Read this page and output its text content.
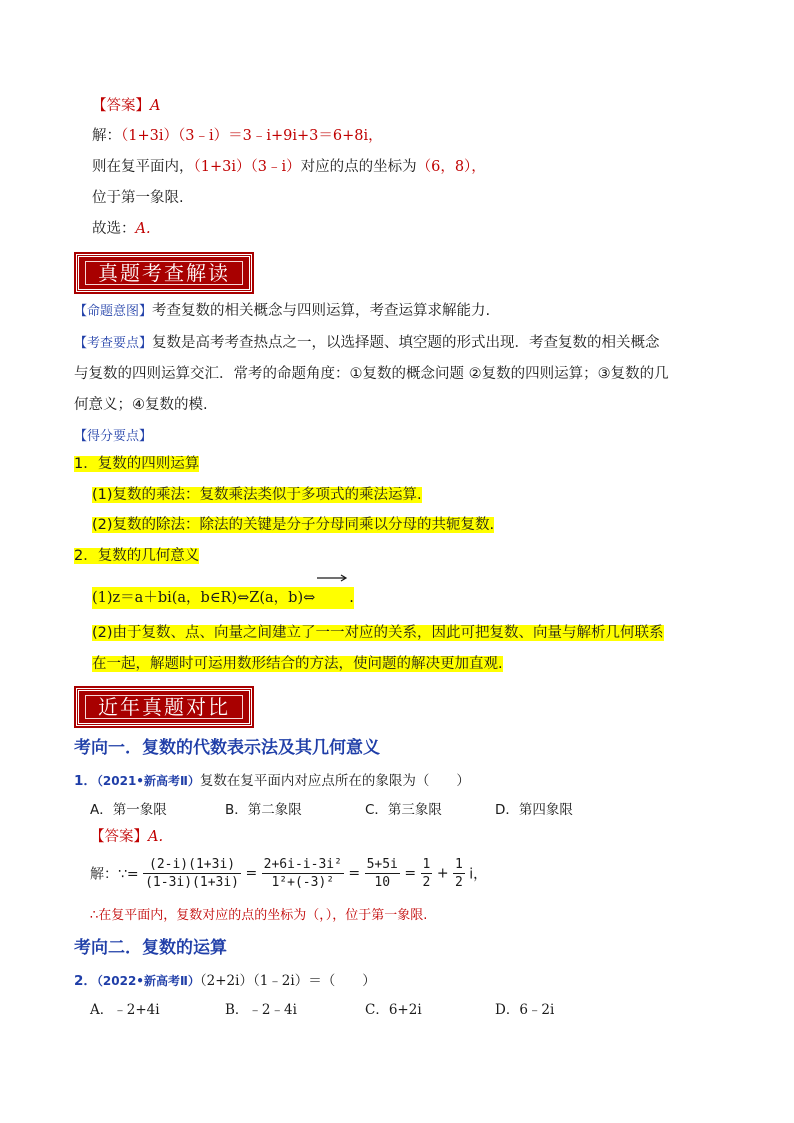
【答案】A
解：（1+3i）（3﹣i）＝3﹣i+9i+3＝6+8i，
则在复平面内，（1+3i）（3﹣i）对应的点的坐标为（6，8），
位于第一象限.
故选：A.
真题考查解读
【命题意图】考查复数的相关概念与四则运算，考查运算求解能力.
【考查要点】复数是高考考查热点之一，以选择题、填空题的形式出现．考查复数的相关概念
与复数的四则运算交汇．常考的命题角度：①复数的概念问题 ②复数的四则运算；③复数的几
何意义；④复数的模.
【得分要点】
1．复数的四则运算
(1)复数的乘法：复数乘法类似于多项式的乘法运算.
(2)复数的除法：除法的关键是分子分母同乘以分母的共轭复数.
2．复数的几何意义
(1)z＝a＋bi(a，b∈R)⇔Z(a，b)⇔ .
(2)由于复数、点、向量之间建立了一一对应的关系，因此可把复数、向量与解析几何联系
在一起，解题时可运用数形结合的方法，使问题的解决更加直观.
近年真题对比
考向一．复数的代数表示法及其几何意义
1．（2021•新高考Ⅱ）复数在复平面内对应点所在的象限为（　　）
A．第一象限	B．第二象限	C．第三象限	D．第四象限
【答案】A.
解：∵= $\frac{(2-i)(1+3i)}{(1-3i)(1+3i)} = \frac{\text{2+6i-i-3i²}}{\text{1²+(-3)²}} = \frac{5+5i}{10} = \frac{1}{2} + \frac{1}{2}$ i，
∴在复平面内，复数对应的点的坐标为（，），位于第一象限.
考向二．复数的运算
2．（2022•新高考Ⅱ）（2+2i）（1﹣2i）＝（　　）
A．﹣2+4i	B．﹣2﹣4i	C．6+2i	D．6﹣2i
